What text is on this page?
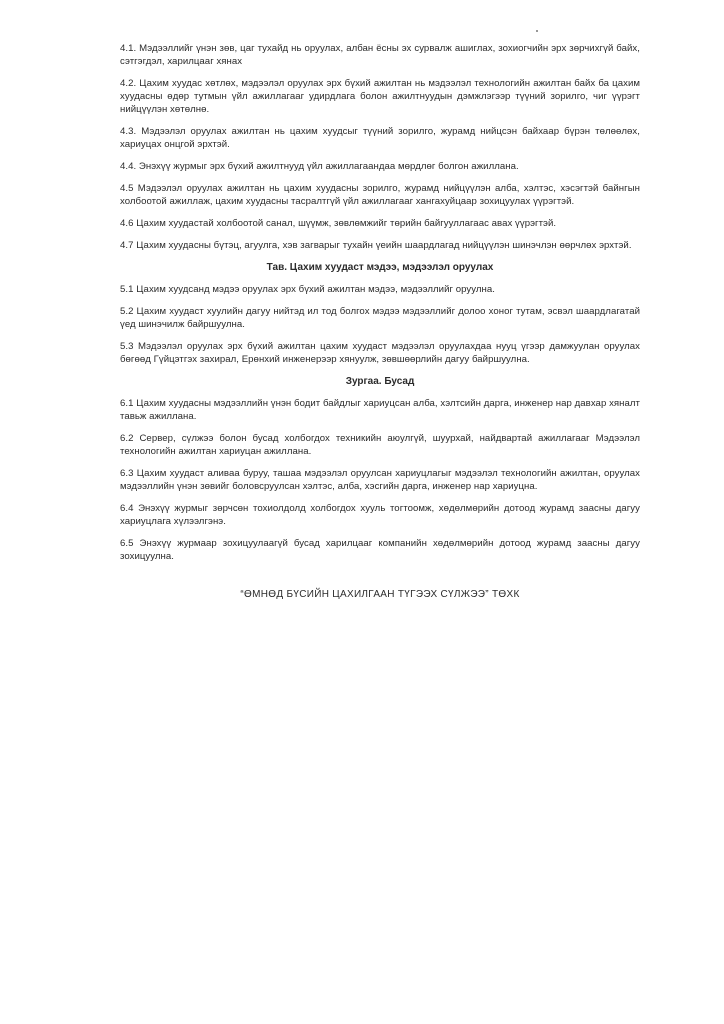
4.1. Мэдээллийг үнэн зөв, цаг тухайд нь оруулах, албан ёсны эх сурвалж ашиглах, зохиогчийн эрх зөрчихгүй байх, сэтгэгдэл, харилцааг хянах

4.2. Цахим хуудас хөтлөх, мэдээлэл оруулах эрх бүхий ажилтан нь мэдээлэл технологийн ажилтан байх ба цахим хуудасны өдөр тутмын үйл ажиллагааг удирдлага болон ажилтнуудын дэмжлэгээр түүний зорилго, чиг үүрэгт нийцүүлэн хөтөлнө.

4.3. Мэдээлэл оруулах ажилтан нь цахим хуудсыг түүний зорилго, журамд нийцсэн байхаар бүрэн төлөөлөх, хариуцах онцгой эрхтэй.

4.4. Энэхүү журмыг эрх бүхий ажилтнууд үйл ажиллагаандаа мөрдлөг болгон ажиллана.

4.5 Мэдээлэл оруулах ажилтан нь цахим хуудасны зорилго, журамд нийцүүлэн алба, хэлтэс, хэсэгтэй байнгын холбоотой ажиллаж, цахим хуудасны тасралтгүй үйл ажиллагааг хангахуйцаар зохицуулах үүрэгтэй.

4.6 Цахим хуудастай холбоотой санал, шүүмж, зөвлөмжийг төрийн байгууллагаас авах үүрэгтэй.

4.7 Цахим хуудасны бүтэц, агуулга, хэв загварыг тухайн үеийн шаардлагад нийцүүлэн шинэчлэн өөрчлөх эрхтэй.

Тав. Цахим хуудаст мэдээ, мэдээлэл оруулах

5.1 Цахим хуудсанд мэдээ оруулах эрх бүхий ажилтан мэдээ, мэдээллийг оруулна.

5.2 Цахим хуудаст хуулийн дагуу нийтэд ил тод болгох мэдээ мэдээллийг долоо хоног тутам, эсвэл шаардлагатай үед шинэчилж байршуулна.

5.3 Мэдээлэл оруулах эрх бүхий ажилтан цахим хуудаст мэдээлэл оруулахдаа нууц үгээр дамжуулан оруулах бөгөөд Гүйцэтгэх захирал, Ерөнхий инженерээр хянуулж, зөвшөөрлийн дагуу байршуулна.

Зургаа. Бусад

6.1 Цахим хуудасны мэдээллийн үнэн бодит байдлыг хариуцсан алба, хэлтсийн дарга, инженер нар давхар хяналт тавьж ажиллана.

6.2 Сервер, сүлжээ болон бусад холбогдох техникийн аюулгүй, шуурхай, найдвартай ажиллагааг Мэдээлэл технологийн ажилтан хариуцан ажиллана.

6.3 Цахим хуудаст аливаа буруу, ташаа мэдээлэл оруулсан хариуцлагыг мэдээлэл технологийн ажилтан, оруулах мэдээллийн үнэн зөвийг боловсруулсан хэлтэс, алба, хэсгийн дарга, инженер нар хариуцна.

6.4 Энэхүү журмыг зөрчсөн тохиолдолд холбогдох хууль тогтоомж, хөдөлмөрийн дотоод журамд заасны дагуу хариуцлага хүлээлгэнэ.

6.5 Энэхүү журмаар зохицуулаагүй бусад харилцааг компанийн хөдөлмөрийн дотоод журамд заасны дагуу зохицуулна.

“ӨМНӨД БҮСИЙН ЦАХИЛГААН ТҮГЭЭХ СҮЛЖЭЭ” ТӨХК
